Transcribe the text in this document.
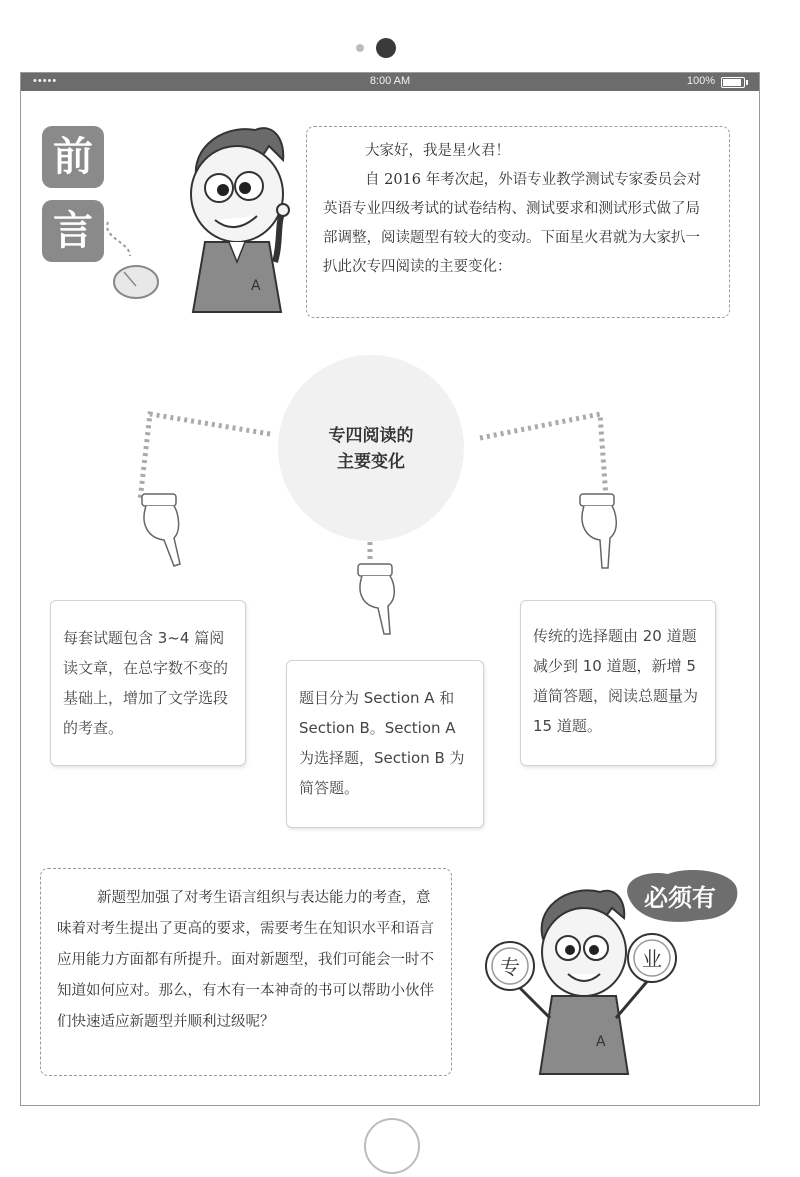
•••••	8:00 AM	100%
前
言
A

大家好，我是星火君！

自 2016 年考次起，外语专业教学测试专家委员会对英语专业四级考试的试卷结构、测试要求和测试形式做了局部调整，阅读题型有较大的变动。下面星火君就为大家扒一扒此次专四阅读的主要变化：

专四阅读的
主要变化

每套试题包含 3~4 篇阅读文章，在总字数不变的基础上，增加了文学选段的考查。

题目分为 Section A 和 Section B。Section A 为选择题，Section B 为简答题。

传统的选择题由 20 道题减少到 10 道题，新增 5 道简答题，阅读总题量为 15 道题。

新题型加强了对考生语言组织与表达能力的考查，意味着对考生提出了更高的要求，需要考生在知识水平和语言应用能力方面都有所提升。面对新题型，我们可能会一时不知道如何应对。那么，有木有一本神奇的书可以帮助小伙伴们快速适应新题型并顺利过级呢？

必须有
A
专	业
